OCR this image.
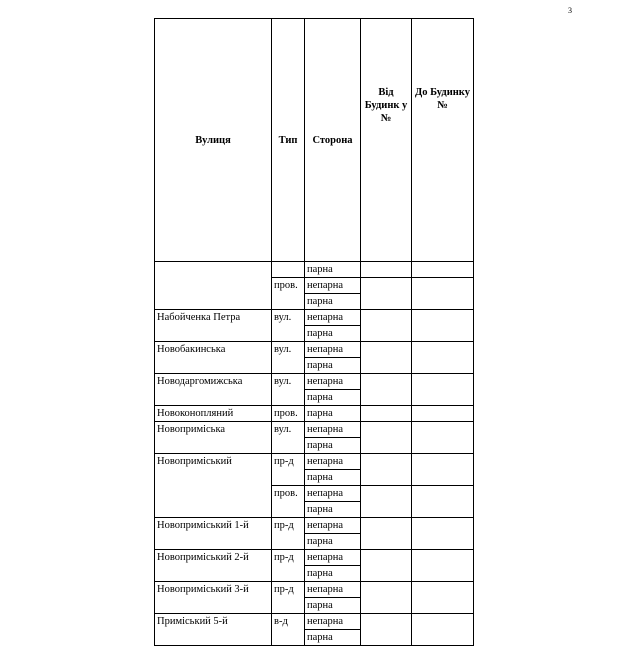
3
Вулиця	Тип	Сторона	Від Будинк у №	До Будинку №
		парна		
	пров.	непарна		
		парна		
Набойченка Петра	вул.	непарна		
		парна		
Новобакинська	вул.	непарна		
		парна		
Новодаргомижська	вул.	непарна		
		парна		
Новоконопляний	пров.	парна		
Новоприміська	вул.	непарна		
		парна		
Новоприміський	пр-д	непарна		
		парна		
	пров.	непарна		
		парна		
Новоприміський 1-й	пр-д	непарна		
		парна		
Новоприміський 2-й	пр-д	непарна		
		парна		
Новоприміський 3-й	пр-д	непарна		
		парна		
Приміський 5-й	в-д	непарна		
		парна		
